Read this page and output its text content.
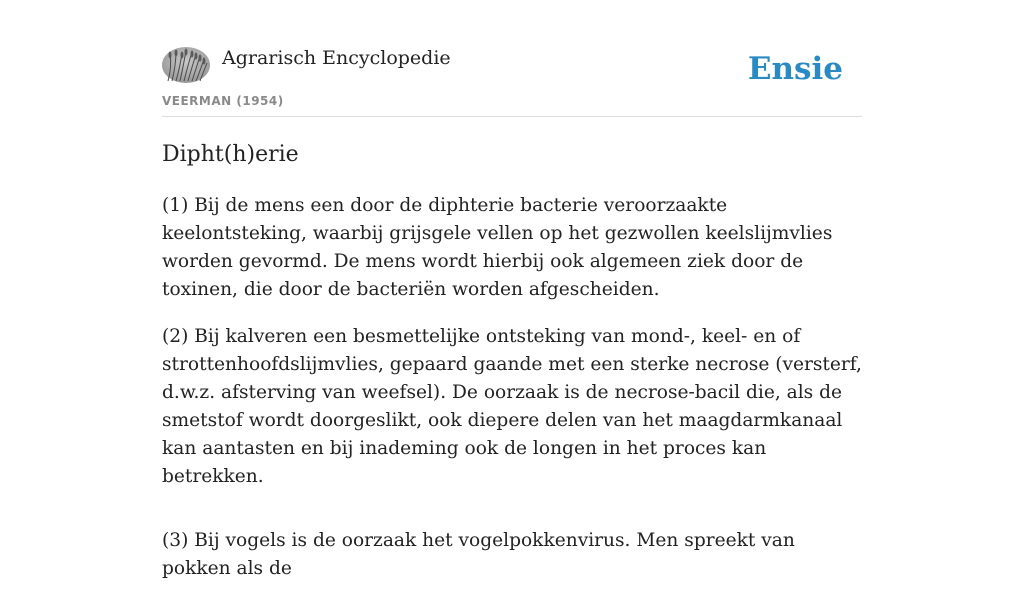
Agrarisch Encyclopedie
VEERMAN (1954)
Ensie
Dipht(h)erie

(1) Bij de mens een door de diphterie bacterie veroorzaakte keelontsteking, waarbij grijsgele vellen op het gezwollen keelslijmvlies worden gevormd. De mens wordt hierbij ook algemeen ziek door de toxinen, die door de bacteriën worden afgescheiden.

(2) Bij kalveren een besmettelijke ontsteking van mond-, keel- en of strottenhoofdslijmvlies, gepaard gaande met een sterke necrose (versterf, d.w.z. afsterving van weefsel). De oorzaak is de necrose-bacil die, als de smetstof wordt doorgeslikt, ook diepere delen van het maagdarmkanaal kan aantasten en bij inademing ook de longen in het proces kan betrekken.

(3) Bij vogels is de oorzaak het vogelpokkenvirus. Men spreekt van pokken als de
